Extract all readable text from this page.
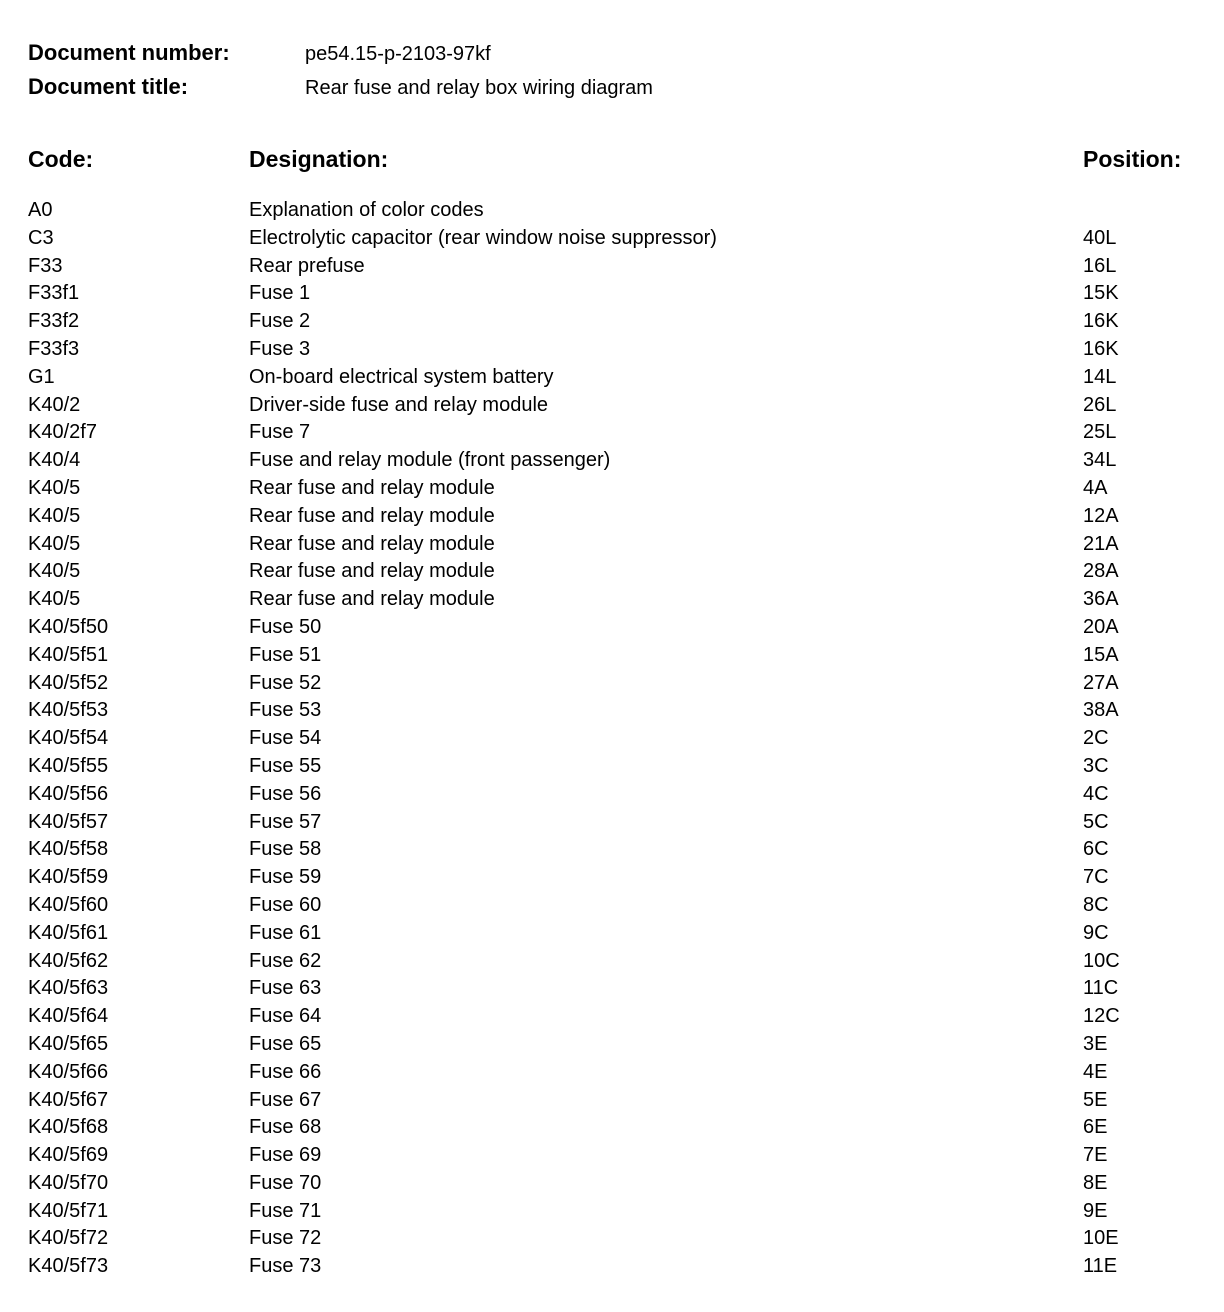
Document number:	pe54.15-p-2103-97kf
Document title:	Rear fuse and relay box wiring diagram
Code:	Designation:	Position:
A0	Explanation of color codes
C3	Electrolytic capacitor (rear window noise suppressor)	40L
F33	Rear prefuse	16L
F33f1	Fuse 1	15K
F33f2	Fuse 2	16K
F33f3	Fuse 3	16K
G1	On-board electrical system battery	14L
K40/2	Driver-side fuse and relay module	26L
K40/2f7	Fuse 7	25L
K40/4	Fuse and relay module (front passenger)	34L
K40/5	Rear fuse and relay module	4A
K40/5	Rear fuse and relay module	12A
K40/5	Rear fuse and relay module	21A
K40/5	Rear fuse and relay module	28A
K40/5	Rear fuse and relay module	36A
K40/5f50	Fuse 50	20A
K40/5f51	Fuse 51	15A
K40/5f52	Fuse 52	27A
K40/5f53	Fuse 53	38A
K40/5f54	Fuse 54	2C
K40/5f55	Fuse 55	3C
K40/5f56	Fuse 56	4C
K40/5f57	Fuse 57	5C
K40/5f58	Fuse 58	6C
K40/5f59	Fuse 59	7C
K40/5f60	Fuse 60	8C
K40/5f61	Fuse 61	9C
K40/5f62	Fuse 62	10C
K40/5f63	Fuse 63	11C
K40/5f64	Fuse 64	12C
K40/5f65	Fuse 65	3E
K40/5f66	Fuse 66	4E
K40/5f67	Fuse 67	5E
K40/5f68	Fuse 68	6E
K40/5f69	Fuse 69	7E
K40/5f70	Fuse 70	8E
K40/5f71	Fuse 71	9E
K40/5f72	Fuse 72	10E
K40/5f73	Fuse 73	11E
